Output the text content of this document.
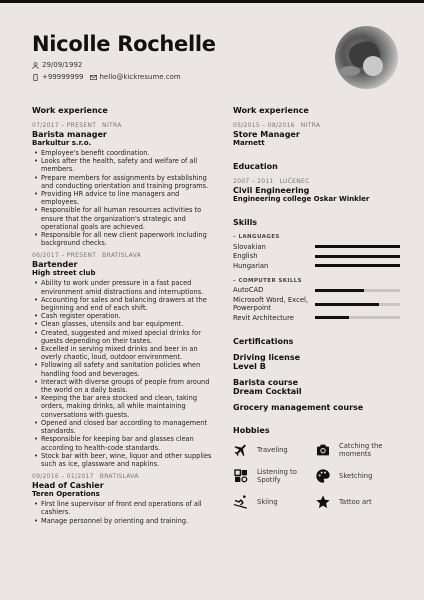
Nicolle Rochelle
29/09/1992
+99999999 hello@kickresume.com
Work experience
07/2017 – PRESENT NITRA
Barista manager
Barkultur s.r.o.
• Employee's benefit coordination.
• Looks after the health, safety and welfare of all members.
• Prepare members for assignments by establishing and conducting orientation and training programs.
• Providing HR advice to line managers and employees.
• Responsible for all human resources activities to ensure that the organization's strategic and operational goals are achieved.
• Responsible for all new client paperwork including background checks.
06/2017 – PRESENT BRATISLAVA
Bartender
High street club
• Ability to work under pressure in a fast paced environment amid distractions and interruptions.
• Accounting for sales and balancing drawers at the beginning and end of each shift.
• Cash register operation.
• Clean glasses, utensils and bar equipment.
• Created, suggested and mixed special drinks for guests depending on their tastes.
• Excelled in serving mixed drinks and beer in an overly chaotic, loud, outdoor environment.
• Following all safety and sanitation policies when handling food and beverages.
• Interact with diverse groups of people from around the world on a daily basis.
• Keeping the bar area stocked and clean, taking orders, making drinks, all while maintaining conversations with guests.
• Opened and closed bar according to management standards.
• Responsible for keeping bar and glasses clean according to health-code standards.
• Stock bar with beer, wine, liquor and other supplies such as ice, glassware and napkins.
09/2016 – 01/2017 BRATISLAVA
Head of Cashier
Teren Operations
• First line supervisor of front end operations of all cashiers.
• Manage personnel by orienting and training.
Work experience
05/2015 – 08/2016 NITRA
Store Manager
Marnett
Education
2007 – 2011 LUČENEC
Civil Engineering
Engineering college Oskar Winkler
Skills
– LANGUAGES
Slovakian
English
Hungarian
– COMPUTER SKILLS
AutoCAD
Microsoft Word, Excel, Powerpoint
Revit Architecture
Certifications
Driving license
Level B
Barista course
Dream Cocktail
Grocery management course
Hobbies
Traveling	Catching the moments
Listening to Spotify	Sketching
Skiing	Tattoo art
